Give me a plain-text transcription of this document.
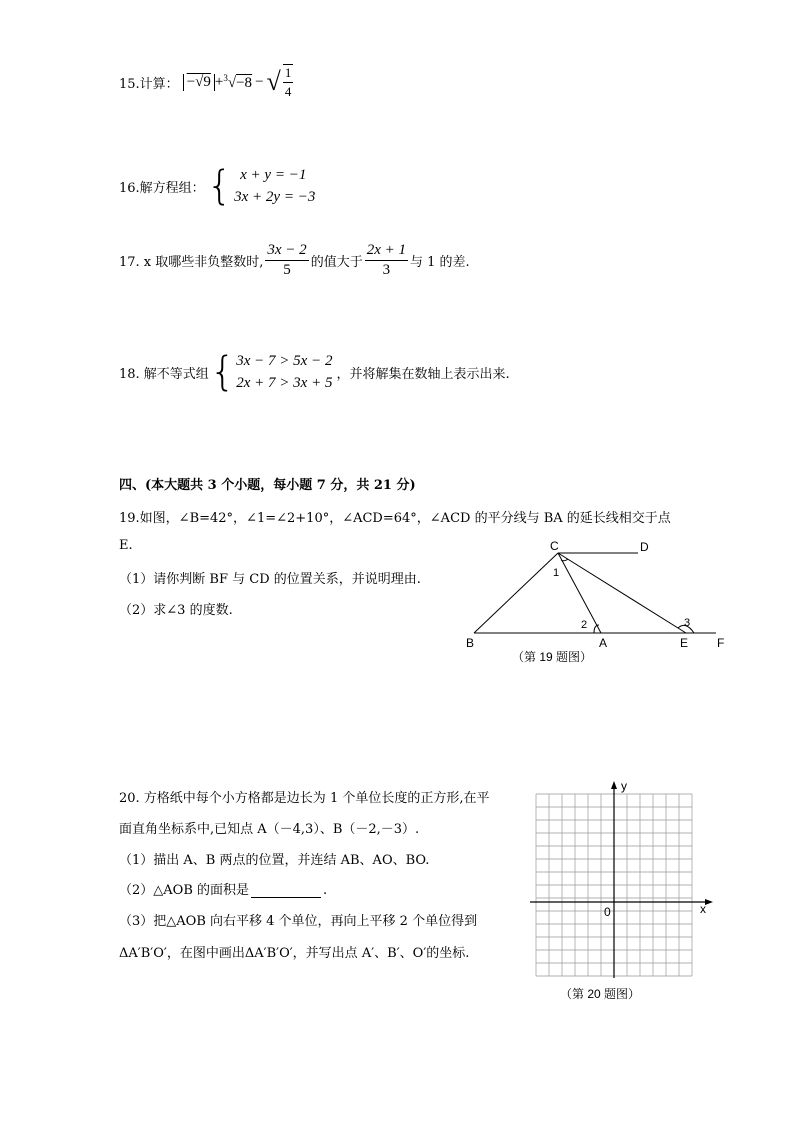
15.计算： −√9 + $^3$√−8 − √ $\frac{1}{4}$
16.解方程组： { x + y = −1
3x + 2y = −3
17. x 取哪些非负整数时, $\frac{3x - 2}{5}$ 的值大于 $\frac{2x + 1}{3}$ 与 1 的差.
18. 解不等式组 { 3x − 7 > 5x − 2
2x + 7 > 3x + 5
，并将解集在数轴上表示出来.
四、(本大题共 3 个小题，每小题 7 分，共 21 分)
19.如图，∠B=42°，∠1=∠2+10°，∠ACD=64°，∠ACD 的平分线与 BA 的延长线相交于点
E.
（1）请你判断 BF 与 CD 的位置关系，并说明理由.
（2）求∠3 的度数.
C	D
B	A	E F
1
2	3
（第 19 题图）
20. 方格纸中每个小方格都是边长为 1 个单位长度的正方形,在平
面直角坐标系中,已知点 A（－4,3）、B（－2,－3）.
（1）描出 A、B 两点的位置，并连结 AB、AO、BO.
（2）△AOB 的面积是	.
（3）把△AOB 向右平移 4 个单位，再向上平移 2 个单位得到
ΔA′B′O′，在图中画出ΔA′B′O′，并写出点 A′、B′、O′的坐标.
y
x
0
（第 20 题图）
